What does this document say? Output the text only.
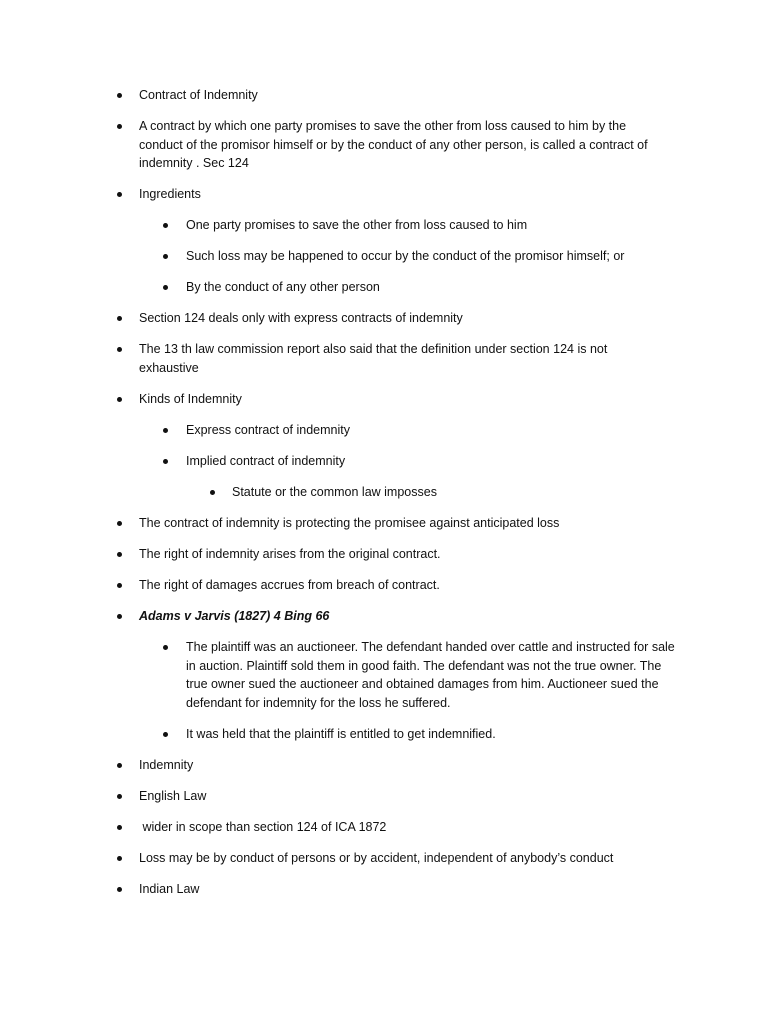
Contract of Indemnity
A contract by which one party promises to save the other from loss caused to him by the conduct of the promisor himself or by the conduct of any other person, is called a contract of indemnity . Sec 124
Ingredients
One party promises to save the other from loss caused to him
Such loss may be happened to occur by the conduct of the promisor himself; or
By the conduct of any other person
Section 124 deals only with express contracts of indemnity
The 13 th law commission report also said that the definition under section 124 is not exhaustive
Kinds of Indemnity
Express contract of indemnity
Implied contract of indemnity
Statute or the common law imposses
The contract of indemnity is protecting the promisee against anticipated loss
The right of indemnity arises from the original contract.
The right of damages accrues from breach of contract.
Adams v Jarvis (1827) 4 Bing 66
The plaintiff was an auctioneer. The defendant handed over cattle and instructed for sale in auction. Plaintiff sold them in good faith. The defendant was not the true owner. The true owner sued the auctioneer and obtained damages from him. Auctioneer sued the defendant for indemnity for the loss he suffered.
It was held that the plaintiff is entitled to get indemnified.
Indemnity
English Law
wider in scope than section 124 of ICA 1872
Loss may be by conduct of persons or by accident, independent of anybody’s conduct
Indian Law
